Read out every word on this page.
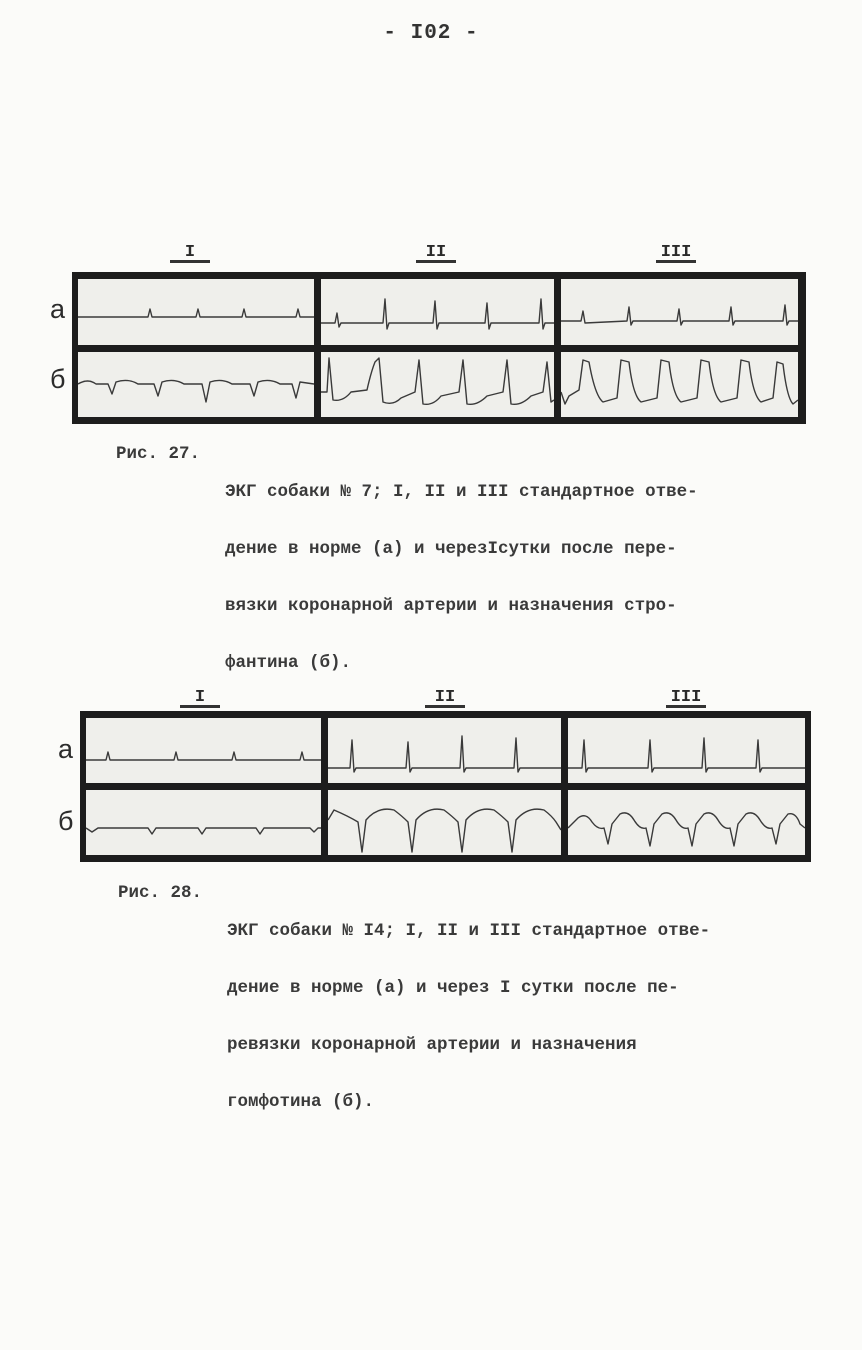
- I02 -
I	II	III
а
б

Рис. 27.

ЭКГ собаки № 7; I, II и III стандартное отве-

дение в норме (а) и черезIсутки после пере-

вязки коронарной артерии и назначения стро-

фантина (б).

I	II	III
а
б

Рис. 28.

ЭКГ собаки № I4; I, II и III стандартное отве-

дение в норме (а) и через I сутки после пе-

ревязки коронарной артерии и назначения

гомфотина (б).
